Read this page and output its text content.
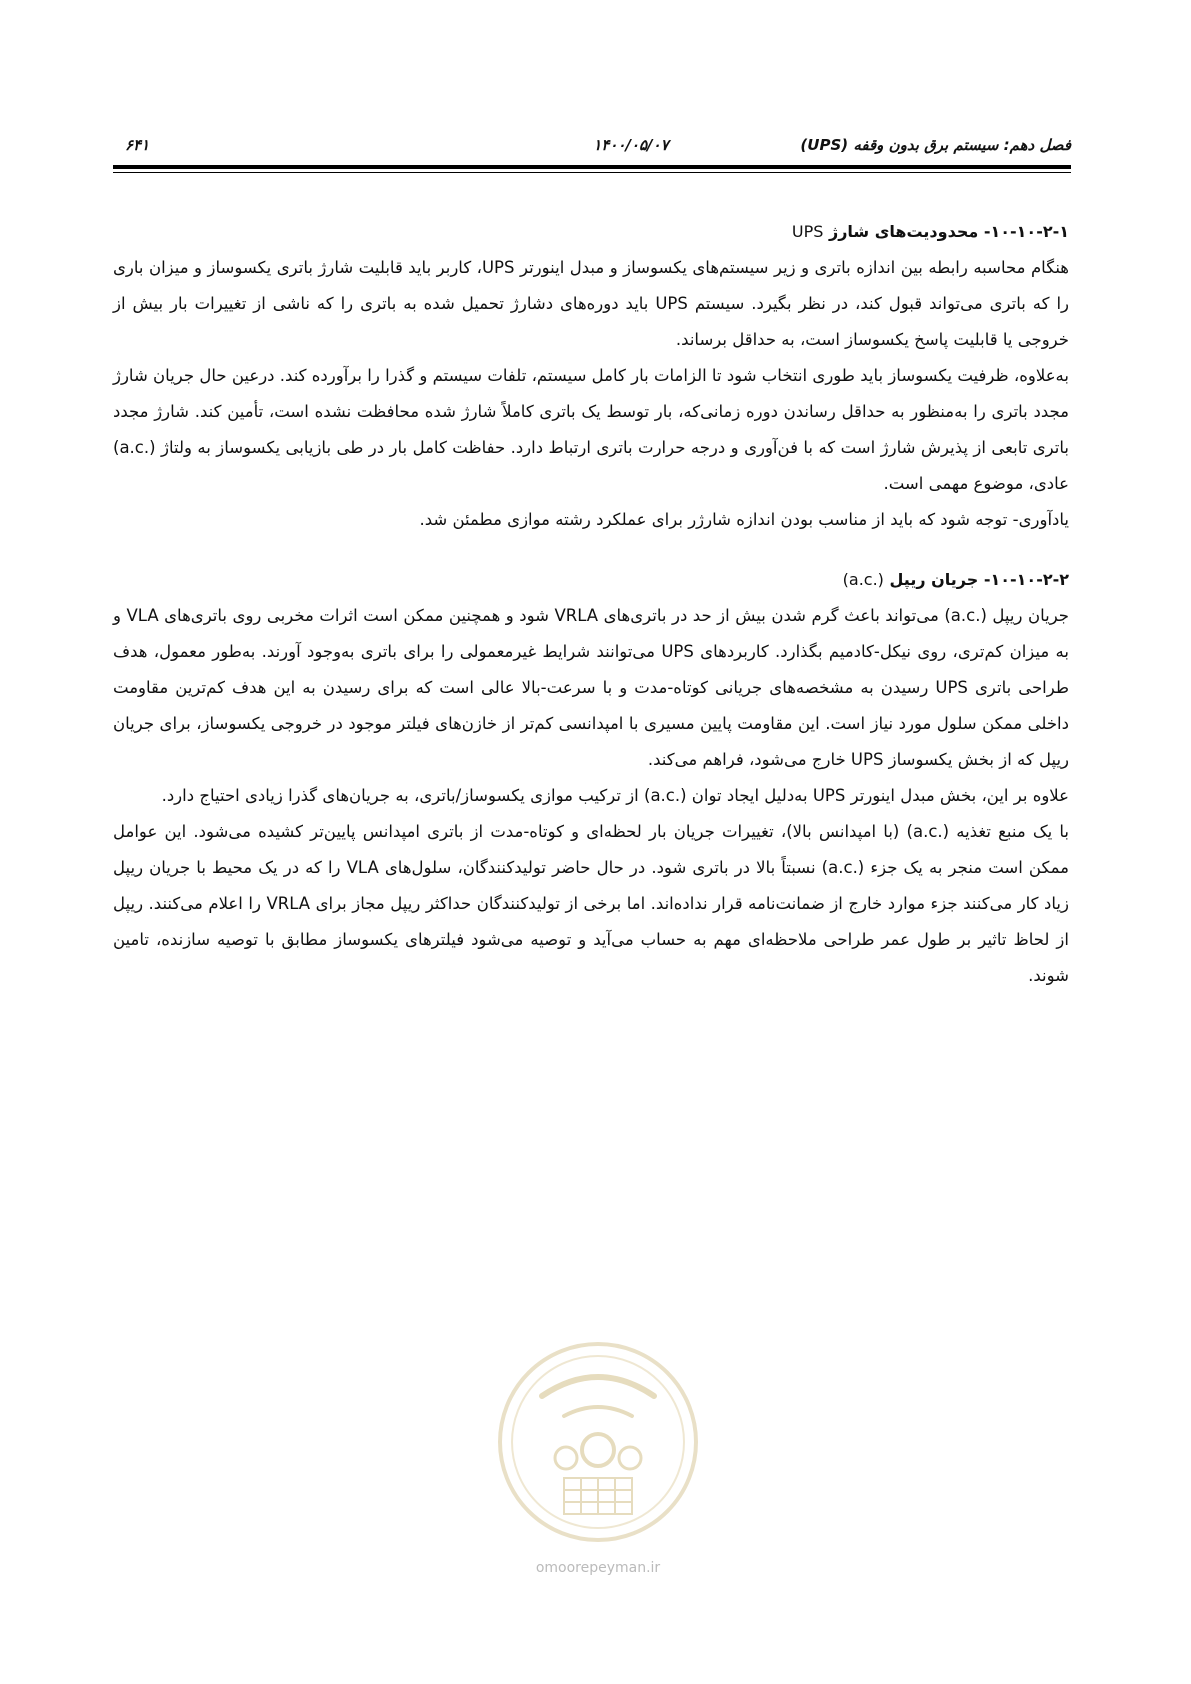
فصل دهم: سیستم برق بدون وقفه (UPS)
۱۴۰۰/۰۵/۰۷
۶۴۱

۱۰-۱۰-۲-۱- محدودیت‌های شارژ UPS

هنگام محاسبه رابطه بین اندازه باتری و زیر سیستم‌های یکسوساز و مبدل اینورتر UPS، کاربر باید قابلیت شارژ باتری یکسوساز و میزان باری را که باتری می‌تواند قبول کند، در نظر بگیرد. سیستم UPS باید دوره‌های دشارژ تحمیل شده به باتری را که ناشی از تغییرات بار بیش از خروجی یا قابلیت پاسخ یکسوساز است، به حداقل برساند.

به‌علاوه، ظرفیت یکسوساز باید طوری انتخاب شود تا الزامات بار کامل سیستم، تلفات سیستم و گذرا را برآورده کند. درعین حال جریان شارژ مجدد باتری را به‌منظور به حداقل رساندن دوره زمانی‌که، بار توسط یک باتری کاملاً شارژ شده محافظت نشده است، تأمین کند. شارژ مجدد باتری تابعی از پذیرش شارژ است که با فن‌آوری و درجه حرارت باتری ارتباط دارد. حفاظت کامل بار در طی بازیابی یکسوساز به ولتاژ (.a.c) عادی، موضوع مهمی است.

یادآوری- توجه شود که باید از مناسب بودن اندازه شارژر برای عملکرد رشته موازی مطمئن شد.

۱۰-۱۰-۲-۲- جریان ریپل (.a.c)

جریان ریپل (.a.c) می‌تواند باعث گرم شدن بیش از حد در باتری‌های VRLA شود و همچنین ممکن است اثرات مخربی روی باتری‌های VLA و به میزان کم‌تری، روی نیکل-کادمیم بگذارد. کاربردهای UPS می‌توانند شرایط غیرمعمولی را برای باتری به‌وجود آورند. به‌طور معمول، هدف طراحی باتری UPS رسیدن به مشخصه‌های جریانی کوتاه-مدت و با سرعت-بالا عالی است که برای رسیدن به این هدف کم‌ترین مقاومت داخلی ممکن سلول مورد نیاز است. این مقاومت پایین مسیری با امپدانسی کم‌تر از خازن‌های فیلتر موجود در خروجی یکسوساز، برای جریان ریپل که از بخش یکسوساز UPS خارج می‌شود، فراهم می‌کند.

علاوه بر این، بخش مبدل اینورتر UPS به‌دلیل ایجاد توان (.a.c) از ترکیب موازی یکسوساز/باتری، به جریان‌های گذرا زیادی احتیاج دارد.

با یک منبع تغذیه (.a.c) (با امپدانس بالا)، تغییرات جریان بار لحظه‌ای و کوتاه-مدت از باتری امپدانس پایین‌تر کشیده می‌شود. این عوامل ممکن است منجر به یک جزء (.a.c) نسبتاً بالا در باتری شود. در حال حاضر تولیدکنندگان، سلول‌های VLA را که در یک محیط با جریان ریپل زیاد کار می‌کنند جزء موارد خارج از ضمانت‌نامه قرار نداده‌اند. اما برخی از تولیدکنندگان حداکثر ریپل مجاز برای VRLA را اعلام می‌کنند. ریپل از لحاظ تاثیر بر طول عمر طراحی ملاحظه‌ای مهم به حساب می‌آید و توصیه می‌شود فیلترهای یکسوساز مطابق با توصیه سازنده، تامین شوند.

omoorepeyman.ir
